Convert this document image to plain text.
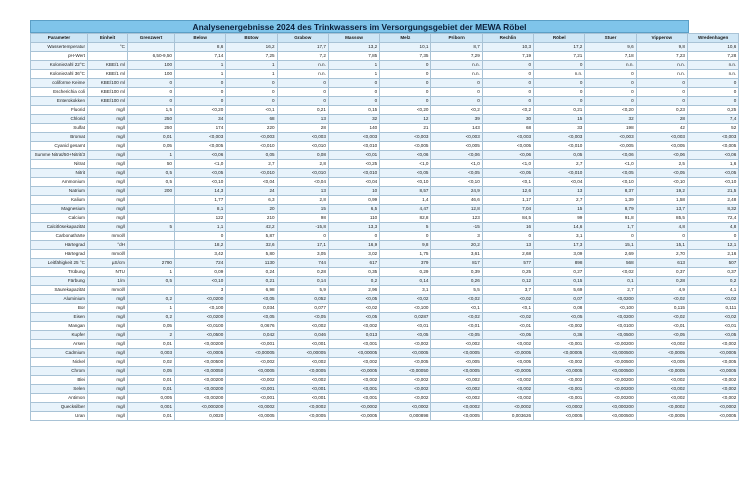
Analysenergebnisse 2024 des Trinkwassers im Versorgungsgebiet der MEWA Röbel
Parameter	Einheit	Grenzwert	Below	Bütow	Grabow	Massow	Melz	Priborn	Rechlin	Röbel	Stuer	Vipperow	Wredenhagen
Wassertemperatur	°C		8,6	16,2	17,7	13,2	10,1	8,7	10,3	17,2	9,6	9,8	10,6
pH-Wert		6,50-9,50	7,14	7,25	7,2	7,85	7,35	7,29	7,19	7,21	7,18	7,23	7,28
Koloniezahl 22°C	KBE/1 ml	100	1	1	n.n.	1	0	n.n.	0	0	n.n.	n.n.	n.n.
Koloniezahl 36°C	KBE/1 ml	100	1	1	n.n.	1	0	n.n.	0	n.n.	0	n.n.	n.n.
coliforme Keime	KBE/100 ml	0	0	0	0	0	0	0	0	0	0	0	0
Escherichia coli	KBE/100 ml	0	0	0	0	0	0	0	0	0	0	0	0
Enterokokken	KBE/100 ml	0	0	0	0	0	0	0	0	0	0	0	0
Fluorid	mg/l	1,5	<0,20	<0,1	0,21	0,15	<0,20	<0,2	<0,2	0,21	<0,20	0,23	0,25
Chlorid	mg/l	250	34	68	13	32	12	39	30	15	32	28	7,4
Sulfat	mg/l	250	174	220	28	140	21	143	68	33	198	42	52
Bromat	mg/l	0,01	<0,003	<0,003	<0,003	<0,003	<0,003	<0,003	<0,003	<0,003	<0,003	<0,003	<0,003
Cyanid gesamt	mg/l	0,05	<0,005	<0,010	<0,010	<0,010	<0,005	<0,005	<0,005	<0,010	<0,005	<0,005	<0,005
Summe Nitrat/50+Nitrit/3	mg/l	1	<0,06	0,05	0,08	<0,01	<0,06	<0,06	<0,06	0,05	<0,06	<0,06	<0,06
Nitrat	mg/l	50	<1,0	2,7	2,8	<0,25	<1,0	<1,0	<1,0	2,7	<1,0	2,5	1,6
Nitrit	mg/l	0,5	<0,05	<0,010	<0,010	<0,010	<0,05	<0,05	<0,05	<0,010	<0,05	<0,05	<0,05
Ammonium	mg/l	0,5	<0,10	<0,04	<0,04	<0,04	<0,10	<0,10	<0,1	<0,04	<0,10	<0,10	<0,10
Natrium	mg/l	200	14,3	24	13	10	8,57	24,9	12,6	13	8,37	19,2	21,5
Kalium	mg/l		1,77	6,3	2,8	0,99	1,4	46,6	1,17	2,7	1,39	1,58	2,48
Magnesium	mg/l		8,1	20	15	6,5	4,47	12,8	7,04	15	8,79	13,7	8,32
Calcium	mg/l		122	210	98	110	82,8	123	84,5	99	91,8	85,5	72,4
Calcitlösekapazität	mg/l	5	1,1	42,2	-15,8	13,3	5	-15	16	14,6	1,7	4,8	4,8
Carbonathärte	mmol/l		0	5,87	0	0	0	3	0	3,1	0	0	0
Härtegrad	°dH		18,2	32,6	17,1	16,9	9,8	20,2	13	17,3	15,1	15,1	12,1
Härtegrad	mmol/l		3,42	5,80	3,05	3,02	1,75	3,61	2,68	3,09	2,69	2,70	2,16
Leitfähigkeit 25 °C	µS/cm	2790	724	1130	744	617	379	817	577	898	568	613	507
Trübung	NTU	1	0,09	0,24	0,28	0,35	0,29	0,39	0,25	0,27	<0,02	0,37	0,37
Färbung	1/m	0,5	<0,10	0,21	0,14	0,2	0,14	0,26	0,12	0,15	0,1	0,28	0,2
Säurekapazität	mmol/l		3	6,98	5,9	2,96	3,1	5,5	3,7	5,69	2,7	4,9	4,1
Aluminium	mg/l	0,2	<0,0200	<0,05	0,052	<0,05	<0,02	<0,02	<0,02	0,07	<0,0200	<0,02	<0,02
Bor	mg/l	1	<0,100	0,034	0,077	<0,02	<0,100	<0,1	<0,1	0,08	<0,100	0,115	0,111
Eisen	mg/l	0,2	<0,0200	<0,05	<0,05	<0,05	0,0287	<0,02	<0,02	<0,05	<0,0200	<0,02	<0,02
Mangan	mg/l	0,05	<0,0100	0,0676	<0,002	<0,002	<0,01	<0,01	<0,01	<0,002	<0,0100	<0,01	<0,01
Kupfer	mg/l	2	<0,0500	0,042	0,046	0,013	<0,05	<0,05	<0,05	0,36	<0,0500	<0,05	<0,05
Arsen	mg/l	0,01	<0,00200	<0,001	<0,001	<0,001	<0,002	<0,002	<0,002	<0,001	<0,00200	<0,002	<0,002
Cadmium	mg/l	0,003	<0,0005	<0,00005	<0,00005	<0,00005	<0,0005	<0,0005	<0,0005	<0,00005	<0,000500	<0,0005	<0,0005
Nickel	mg/l	0,02	<0,00500	<0,002	<0,002	<0,002	<0,005	<0,005	<0,005	<0,002	<0,00500	<0,005	<0,005
Chrom	mg/l	0,05	<0,00050	<0,0005	<0,0005	<0,0005	<0,00050	<0,0005	<0,0005	<0,0005	<0,000500	<0,0005	<0,0005
Blei	mg/l	0,01	<0,00200	<0,002	<0,002	<0,002	<0,002	<0,002	<0,002	<0,002	<0,00200	<0,002	<0,002
Selen	mg/l	0,01	<0,00200	<0,001	<0,001	<0,001	<0,002	<0,002	<0,002	<0,001	<0,00200	<0,002	<0,002
Antimon	mg/l	0,005	<0,00200	<0,001	<0,001	<0,001	<0,002	<0,002	<0,002	<0,001	<0,00200	<0,002	<0,002
Quecksilber	mg/l	0,001	<0,000200	<0,0002	<0,0002	<0,0002	<0,0002	<0,0002	<0,0002	<0,0002	<0,000200	<0,0002	<0,0002
Uran	mg/l	0,01	0,0020	<0,0005	<0,0005	<0,0005	0,000898	<0,0005	0,003626	<0,0005	<0,000500	<0,0005	<0,0005
